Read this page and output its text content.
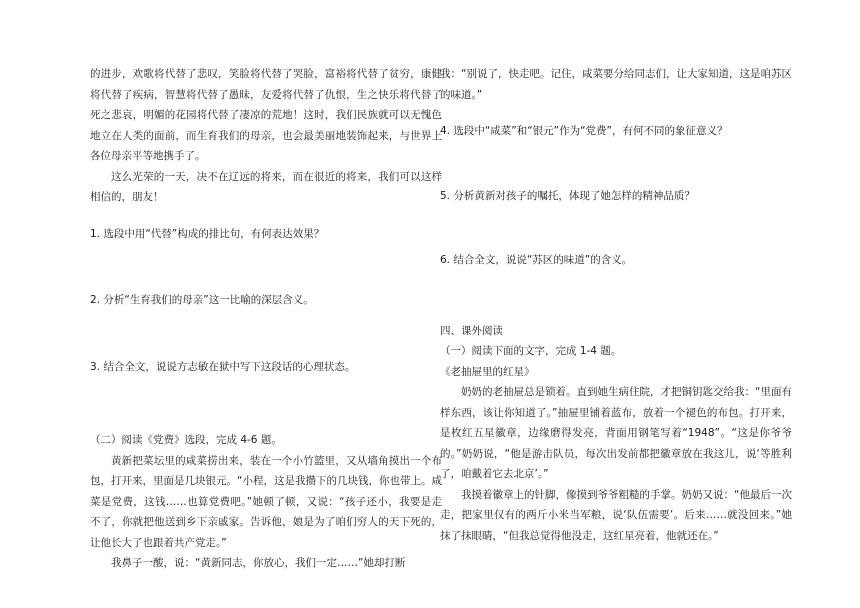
的进步，欢歌将代替了悲叹，笑脸将代替了哭脸，富裕将代替了贫穷，康健将代替了疾病，智慧将代替了愚昧，友爱将代替了仇恨，生之快乐将代替了死之悲哀，明媚的花园将代替了凄凉的荒地！这时，我们民族就可以无愧色地立在人类的面前，而生育我们的母亲，也会最美丽地装饰起来，与世界上各位母亲平等地携手了。

这么光荣的一天，决不在辽远的将来，而在很近的将来，我们可以这样相信的，朋友！

1. 选段中用“代替”构成的排比句，有何表达效果？

2. 分析“生育我们的母亲”这一比喻的深层含义。

3. 结合全文，说说方志敏在狱中写下这段话的心理状态。

（二）阅读《党费》选段，完成 4-6 题。

黄新把菜坛里的咸菜捞出来，装在一个小竹篮里，又从墙角摸出一个布包，打开来，里面是几块银元。“小程，这是我攒下的几块钱，你也带上。咸菜是党费，这钱……也算党费吧。”她顿了顿，又说：“孩子还小，我要是走不了，你就把他送到乡下亲戚家。告诉他，娘是为了咱们穷人的天下死的，让他长大了也跟着共产党走。”

我鼻子一酸，说：“黄新同志，你放心，我们一定……”她却打断

我：“别说了，快走吧。记住，咸菜要分给同志们，让大家知道，这是咱苏区的味道。”

4. 选段中“咸菜”和“银元”作为“党费”，有何不同的象征意义？

5. 分析黄新对孩子的嘱托，体现了她怎样的精神品质？

6. 结合全文，说说“苏区的味道”的含义。

四、课外阅读

（一）阅读下面的文字，完成 1-4 题。

《老抽屉里的红星》

奶奶的老抽屉总是锁着。直到她生病住院，才把铜钥匙交给我：“里面有样东西，该让你知道了。”抽屉里铺着蓝布，放着一个褪色的布包。打开来，是枚红五星徽章，边缘磨得发亮，背面用钢笔写着“1948”。“这是你爷爷的。”奶奶说，“他是游击队员，每次出发前都把徽章放在我这儿，说‘等胜利了，咱戴着它去北京’。”

我摸着徽章上的针脚，像摸到爷爷粗糙的手掌。奶奶又说：“他最后一次走，把家里仅有的两斤小米当军粮，说‘队伍需要’。后来……就没回来。”她抹了抹眼睛，“但我总觉得他没走，这红星亮着，他就还在。”
